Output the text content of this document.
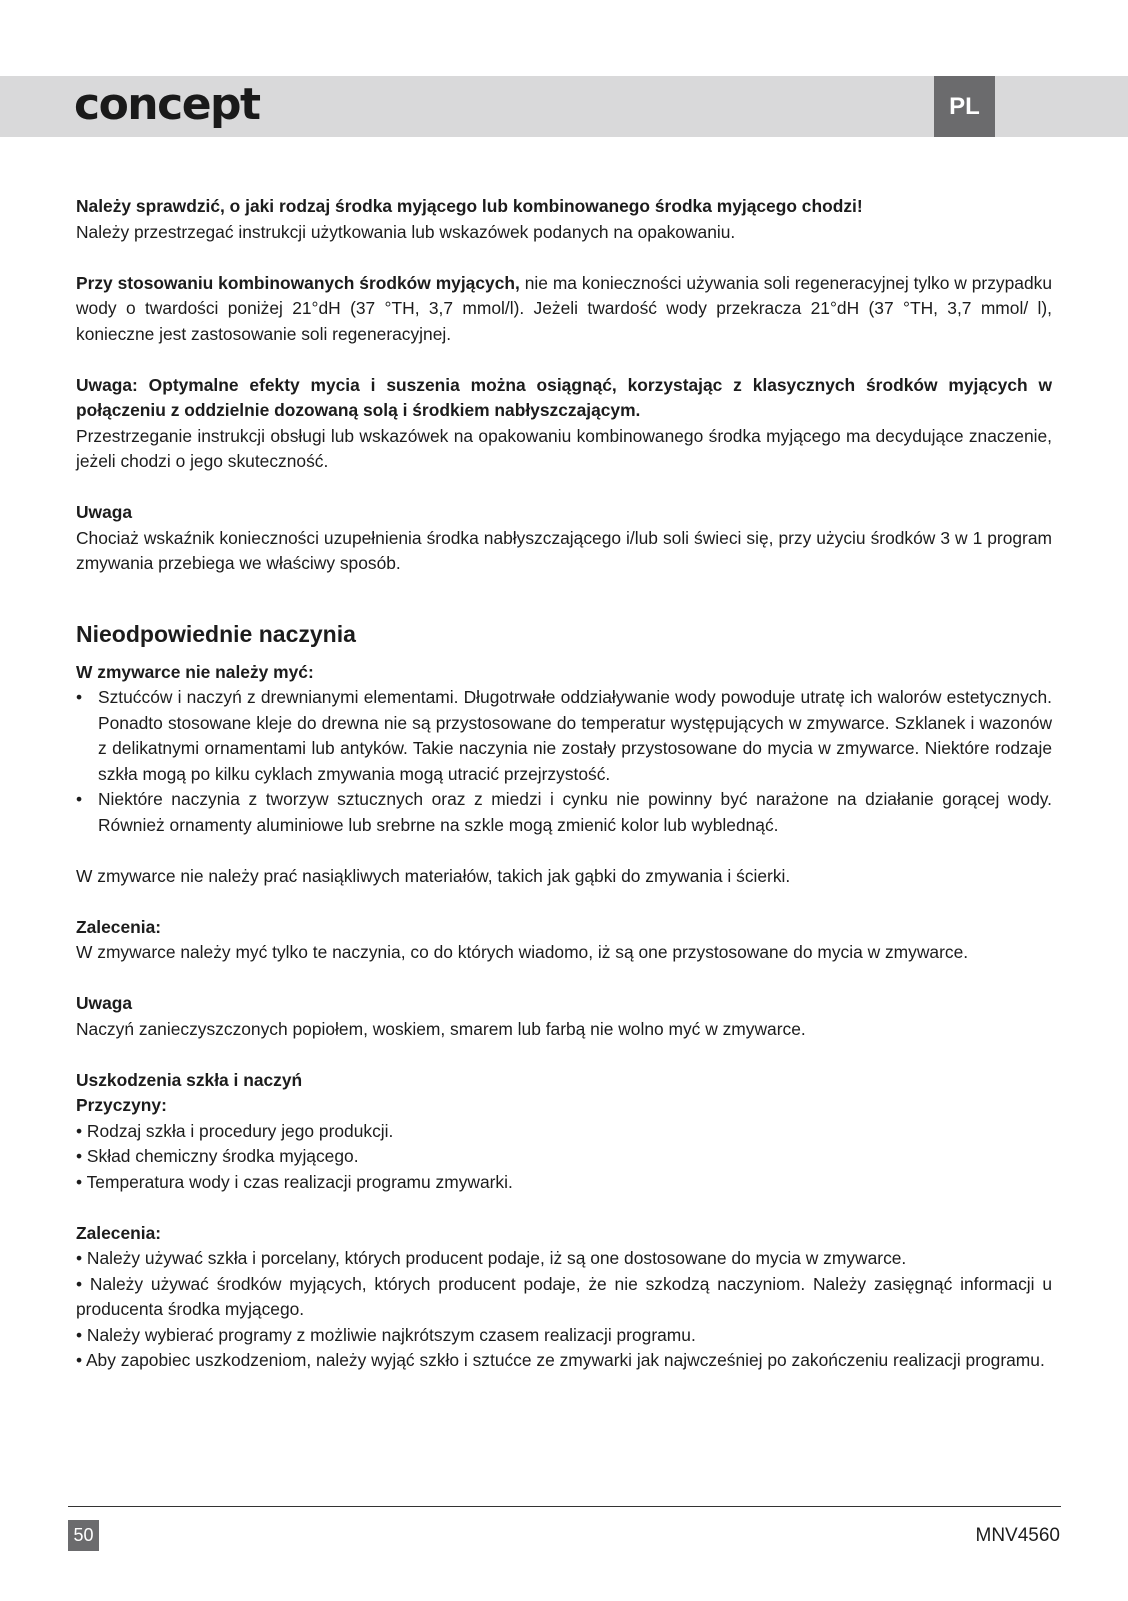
concept	PL

Należy sprawdzić, o jaki rodzaj środka myjącego lub kombinowanego środka myjącego chodzi!

Należy przestrzegać instrukcji użytkowania lub wskazówek podanych na opakowaniu.

Przy stosowaniu kombinowanych środków myjących, nie ma konieczności używania soli regeneracyjnej tylko w przypadku wody o twardości poniżej 21°dH (37 °TH, 3,7 mmol/l). Jeżeli twardość wody przekracza 21°dH (37 °TH, 3,7 mmol/ l), konieczne jest zastosowanie soli regeneracyjnej.

Uwaga: Optymalne efekty mycia i suszenia można osiągnąć, korzystając z klasycznych środków myjących w połączeniu z oddzielnie dozowaną solą i środkiem nabłyszczającym.

Przestrzeganie instrukcji obsługi lub wskazówek na opakowaniu kombinowanego środka myjącego ma decydujące znaczenie, jeżeli chodzi o jego skuteczność.

Uwaga

Chociaż wskaźnik konieczności uzupełnienia środka nabłyszczającego i/lub soli świeci się, przy użyciu środków 3 w 1 program zmywania przebiega we właściwy sposób.

Nieodpowiednie naczynia

W zmywarce nie należy myć:

• Sztućców i naczyń z drewnianymi elementami. Długotrwałe oddziaływanie wody powoduje utratę ich walorów estetycznych. Ponadto stosowane kleje do drewna nie są przystosowane do temperatur występujących w zmywarce. Szklanek i wazonów z delikatnymi ornamentami lub antyków. Takie naczynia nie zostały przystosowane do mycia w zmywarce. Niektóre rodzaje szkła mogą po kilku cyklach zmywania mogą utracić przejrzystość.
• Niektóre naczynia z tworzyw sztucznych oraz z miedzi i cynku nie powinny być narażone na działanie gorącej wody. Również ornamenty aluminiowe lub srebrne na szkle mogą zmienić kolor lub wyblednąć.

W zmywarce nie należy prać nasiąkliwych materiałów, takich jak gąbki do zmywania i ścierki.

Zalecenia:

W zmywarce należy myć tylko te naczynia, co do których wiadomo, iż są one przystosowane do mycia w zmywarce.

Uwaga

Naczyń zanieczyszczonych popiołem, woskiem, smarem lub farbą nie wolno myć w zmywarce.

Uszkodzenia szkła i naczyń

Przyczyny:

• Rodzaj szkła i procedury jego produkcji.

• Skład chemiczny środka myjącego.

• Temperatura wody i czas realizacji programu zmywarki.

Zalecenia:

• Należy używać szkła i porcelany, których producent podaje, iż są one dostosowane do mycia w zmywarce.

• Należy używać środków myjących, których producent podaje, że nie szkodzą naczyniom. Należy zasięgnąć informacji u producenta środka myjącego.

• Należy wybierać programy z możliwie najkrótszym czasem realizacji programu.

• Aby zapobiec uszkodzeniom, należy wyjąć szkło i sztućce ze zmywarki jak najwcześniej po zakończeniu realizacji programu.

50	MNV4560
